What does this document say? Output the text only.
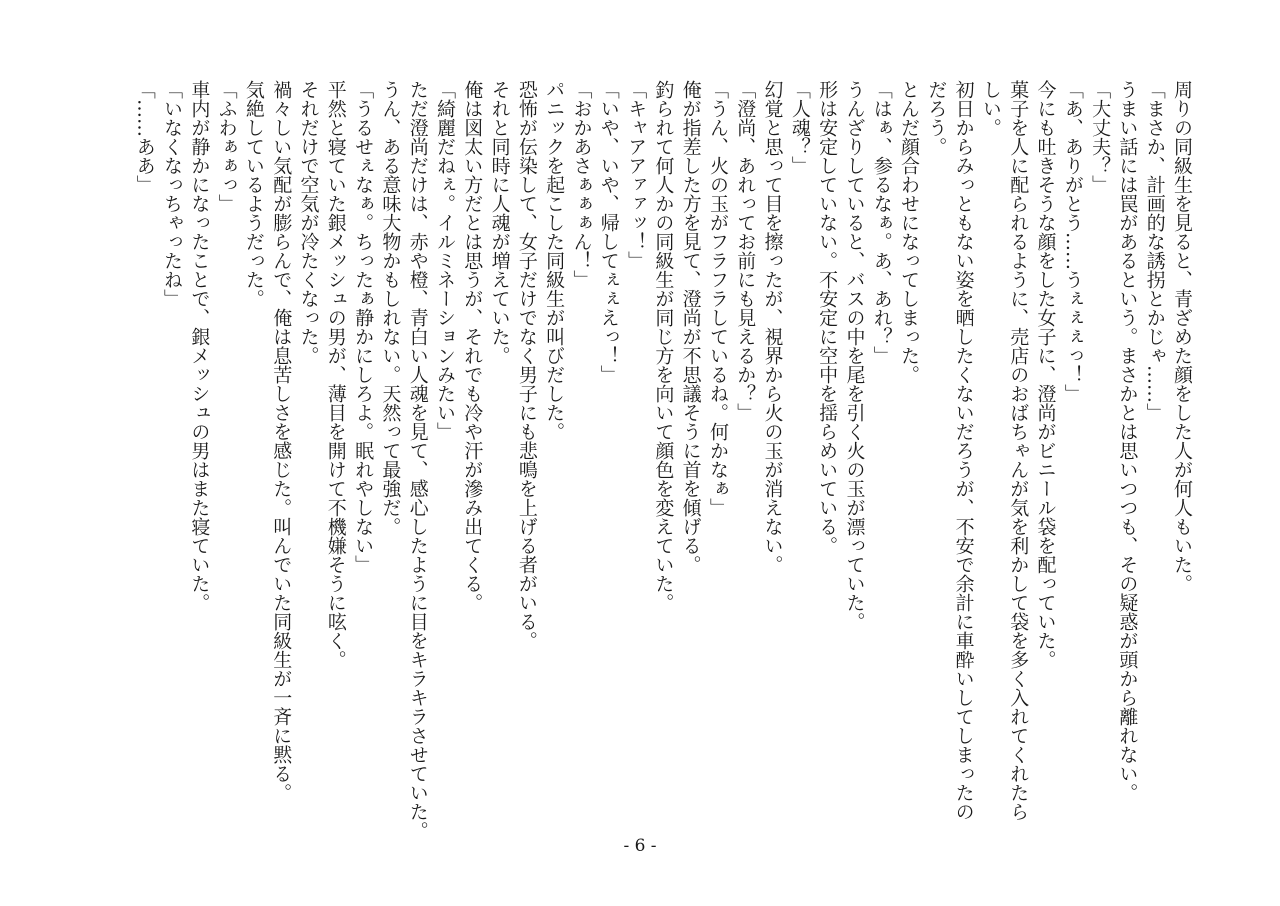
周りの同級生を見ると、青ざめた顔をした人が何人もいた。
「まさか、計画的な誘拐とかじゃ……」
うまい話には罠があるという。まさかとは思いつつも、その疑惑が頭から離れない。
「大丈夫？」
「あ、ありがとう……うぇぇぇっ！」
今にも吐きそうな顔をした女子に、澄尚がビニール袋を配っていた。
菓子を人に配られるように、売店のおばちゃんが気を利かして袋を多く入れてくれたら
しい。
初日からみっともない姿を晒したくないだろうが、不安で余計に車酔いしてしまったの
だろう。
とんだ顔合わせになってしまった。
「はぁ、参るなぁ。あ、あれ？」
うんざりしていると、バスの中を尾を引く火の玉が漂っていた。
形は安定していない。不安定に空中を揺らめいている。
「人魂？」
幻覚と思って目を擦ったが、視界から火の玉が消えない。
「澄尚、あれってお前にも見えるか？」
「うん、火の玉がフラフラしているね。何かなぁ」
俺が指差した方を見て、澄尚が不思議そうに首を傾げる。
釣られて何人かの同級生が同じ方を向いて顔色を変えていた。
「キャアアァァッ！」
「いや、いや、帰してぇぇえっ！」
「おかあさぁぁぁん！」
パニックを起こした同級生が叫びだした。
恐怖が伝染して、女子だけでなく男子にも悲鳴を上げる者がいる。
それと同時に人魂が増えていた。
俺は図太い方だとは思うが、それでも冷や汗が滲み出てくる。
「綺麗だねぇ。イルミネーションみたい」
ただ澄尚だけは、赤や橙、青白い人魂を見て、感心したように目をキラキラさせていた。
うん、ある意味大物かもしれない。天然って最強だ。
「うるせぇなぁ。ちったぁ静かにしろよ。眠れやしない」
平然と寝ていた銀メッシュの男が、薄目を開けて不機嫌そうに呟く。
それだけで空気が冷たくなった。
禍々しい気配が膨らんで、俺は息苦しさを感じた。叫んでいた同級生が一斉に黙る。
気絶しているようだった。
「ふわぁぁっ」
車内が静かになったことで、銀メッシュの男はまた寝ていた。
「いなくなっちゃったね」
「……ああ」
- 6 -
